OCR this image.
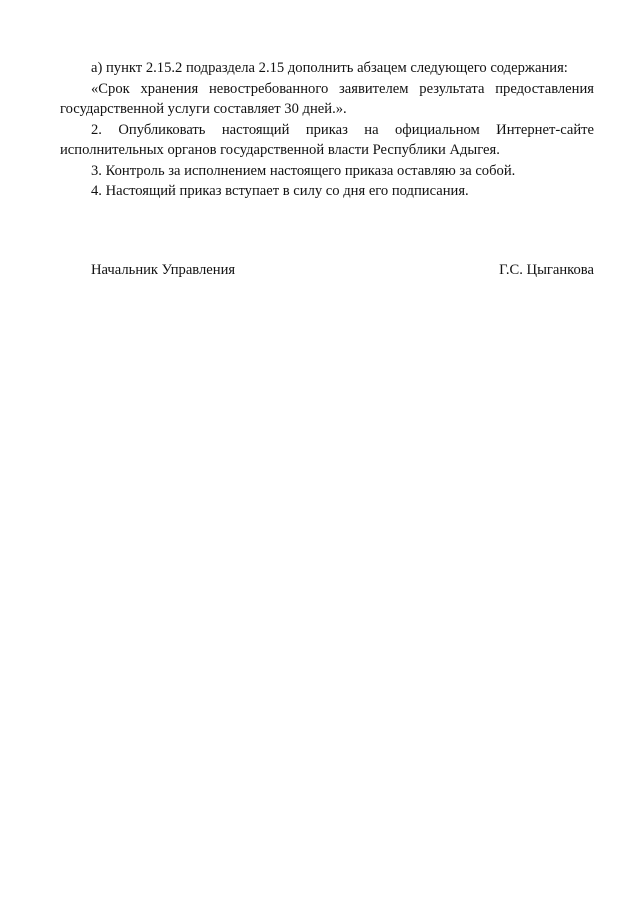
а) пункт 2.15.2 подраздела 2.15 дополнить абзацем следующего содержания:

«Срок хранения невостребованного заявителем результата предоставления государственной услуги составляет 30 дней.».

2. Опубликовать настоящий приказ на официальном Интернет-сайте исполнительных органов государственной власти Республики Адыгея.

3. Контроль за исполнением настоящего приказа оставляю за собой.

4. Настоящий приказ вступает в силу со дня его подписания.

Начальник Управления	Г.С. Цыганкова
